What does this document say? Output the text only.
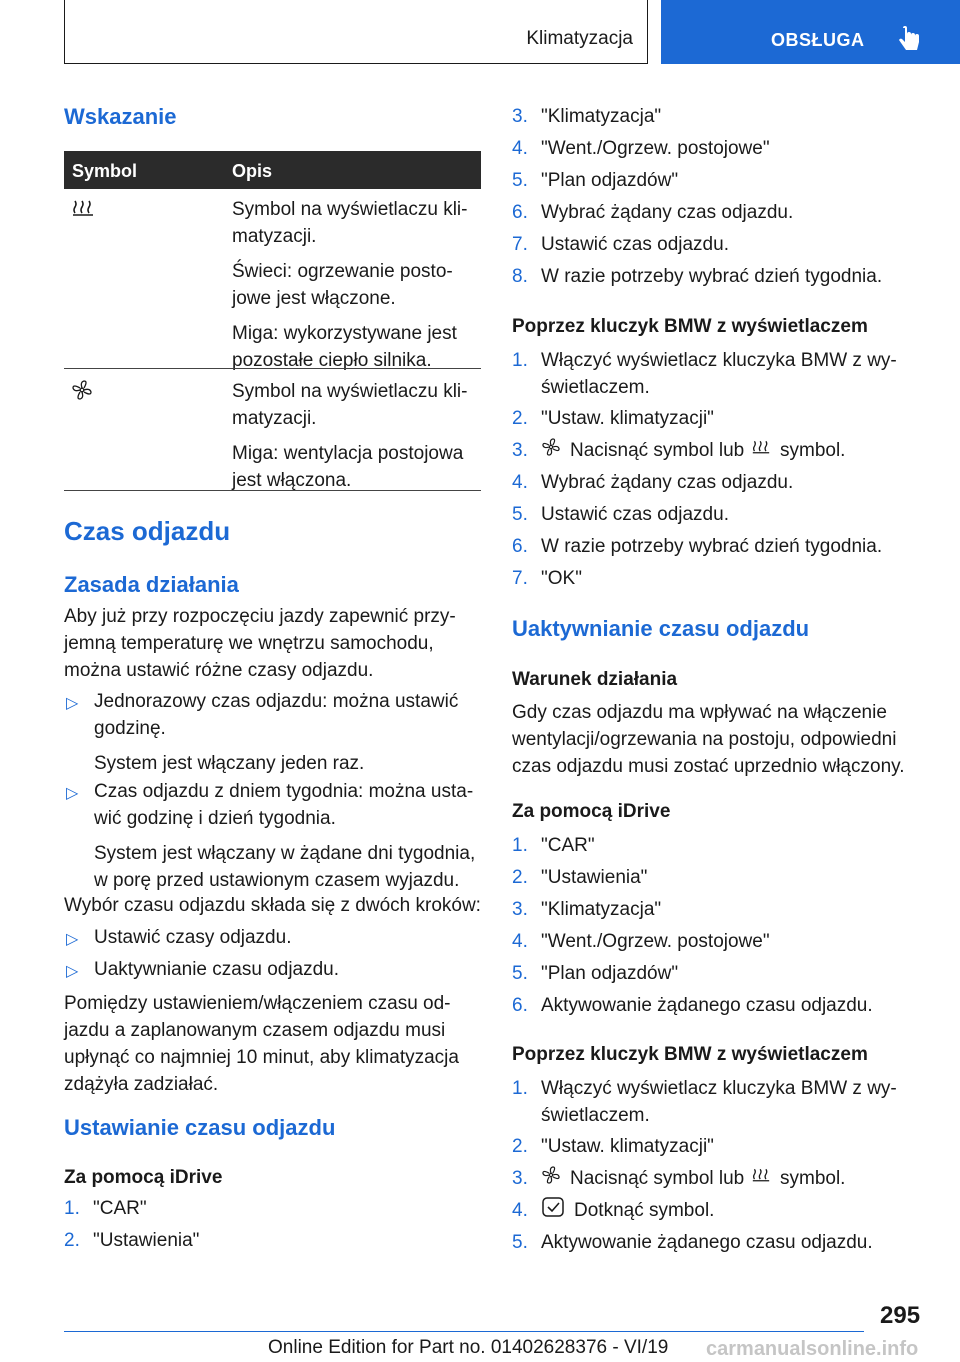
Klimatyzacja	OBSŁUGA
Wskazanie
Symbol	Opis
Symbol na wyświetlaczu kli-
matyzacji.
Świeci: ogrzewanie posto-
jowe jest włączone.
Miga: wykorzystywane jest
pozostałe ciepło silnika.
Symbol na wyświetlaczu kli-
matyzacji.
Miga: wentylacja postojowa
jest włączona.
Czas odjazdu
Zasada działania
Aby już przy rozpoczęciu jazdy zapewnić przy-
jemną temperaturę we wnętrzu samochodu,
można ustawić różne czasy odjazdu.
▷ Jednorazowy czas odjazdu: można ustawić
godzinę.
System jest włączany jeden raz.
▷ Czas odjazdu z dniem tygodnia: można usta-
wić godzinę i dzień tygodnia.
System jest włączany w żądane dni tygodnia,
w porę przed ustawionym czasem wyjazdu.
Wybór czasu odjazdu składa się z dwóch kroków:
▷ Ustawić czasy odjazdu.
▷ Uaktywnianie czasu odjazdu.
Pomiędzy ustawieniem/włączeniem czasu od-
jazdu a zaplanowanym czasem odjazdu musi
upłynąć co najmniej 10 minut, aby klimatyzacja
zdążyła zadziałać.
Ustawianie czasu odjazdu
Za pomocą iDrive
1. "CAR"
2. "Ustawienia"
3. "Klimatyzacja"
4. "Went./Ogrzew. postojowe"
5. "Plan odjazdów"
6. Wybrać żądany czas odjazdu.
7. Ustawić czas odjazdu.
8. W razie potrzeby wybrać dzień tygodnia.
Poprzez kluczyk BMW z wyświetlaczem
1. Włączyć wyświetlacz kluczyka BMW z wy-
świetlaczem.
2. "Ustaw. klimatyzacji"
3. Nacisnąć symbol lub symbol.
4. Wybrać żądany czas odjazdu.
5. Ustawić czas odjazdu.
6. W razie potrzeby wybrać dzień tygodnia.
7. "OK"
Uaktywnianie czasu odjazdu
Warunek działania
Gdy czas odjazdu ma wpływać na włączenie
wentylacji/ogrzewania na postoju, odpowiedni
czas odjazdu musi zostać uprzednio włączony.
Za pomocą iDrive
1. "CAR"
2. "Ustawienia"
3. "Klimatyzacja"
4. "Went./Ogrzew. postojowe"
5. "Plan odjazdów"
6. Aktywowanie żądanego czasu odjazdu.
Poprzez kluczyk BMW z wyświetlaczem
1. Włączyć wyświetlacz kluczyka BMW z wy-
świetlaczem.
2. "Ustaw. klimatyzacji"
3. Nacisnąć symbol lub symbol.
4. Dotknąć symbol.
5. Aktywowanie żądanego czasu odjazdu.
295
Online Edition for Part no. 01402628376 - VI/19 carmanualsonline.info
